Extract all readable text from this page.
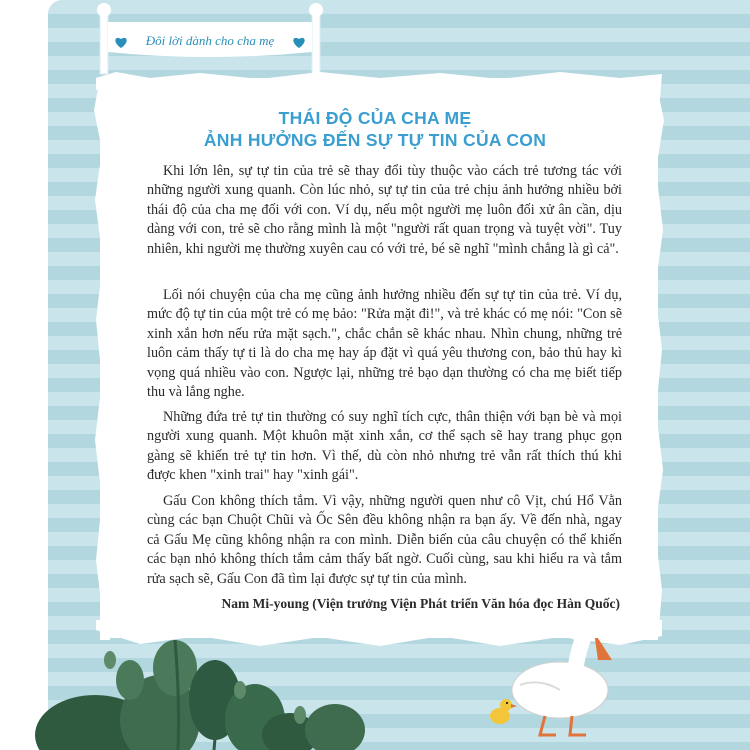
Đôi lời dành cho cha mẹ
THÁI ĐỘ CỦA CHA MẸ
ẢNH HƯỞNG ĐẾN SỰ TỰ TIN CỦA CON

Khi lớn lên, sự tự tin của trẻ sẽ thay đổi tùy thuộc vào cách trẻ tương tác với những người xung quanh. Còn lúc nhỏ, sự tự tin của trẻ chịu ảnh hưởng nhiều bởi thái độ của cha mẹ đối với con. Ví dụ, nếu một người mẹ luôn đối xử ân cần, dịu dàng với con, trẻ sẽ cho rằng mình là một "người rất quan trọng và tuyệt vời". Tuy nhiên, khi người mẹ thường xuyên cau có với trẻ, bé sẽ nghĩ "mình chẳng là gì cả".

Lối nói chuyện của cha mẹ cũng ảnh hưởng nhiều đến sự tự tin của trẻ. Ví dụ, mức độ tự tin của một trẻ có mẹ bảo: "Rửa mặt đi!", và trẻ khác có mẹ nói: "Con sẽ xinh xắn hơn nếu rửa mặt sạch.", chắc chắn sẽ khác nhau. Nhìn chung, những trẻ luôn cảm thấy tự ti là do cha mẹ hay áp đặt vì quá yêu thương con, bảo thủ hay kì vọng quá nhiều vào con. Ngược lại, những trẻ bạo dạn thường có cha mẹ biết tiếp thu và lắng nghe.

Những đứa trẻ tự tin thường có suy nghĩ tích cực, thân thiện với bạn bè và mọi người xung quanh. Một khuôn mặt xinh xắn, cơ thể sạch sẽ hay trang phục gọn gàng sẽ khiến trẻ tự tin hơn. Vì thế, dù còn nhỏ nhưng trẻ vẫn rất thích thú khi được khen "xinh trai" hay "xinh gái".

Gấu Con không thích tắm. Vì vậy, những người quen như cô Vịt, chú Hổ Vằn cùng các bạn Chuột Chũi và Ốc Sên đều không nhận ra bạn ấy. Về đến nhà, ngay cả Gấu Mẹ cũng không nhận ra con mình. Diễn biến của câu chuyện có thể khiến các bạn nhỏ không thích tắm cảm thấy bất ngờ. Cuối cùng, sau khi hiểu ra và tắm rửa sạch sẽ, Gấu Con đã tìm lại được sự tự tin của mình.

Nam Mi-young (Viện trưởng Viện Phát triển Văn hóa đọc Hàn Quốc)
